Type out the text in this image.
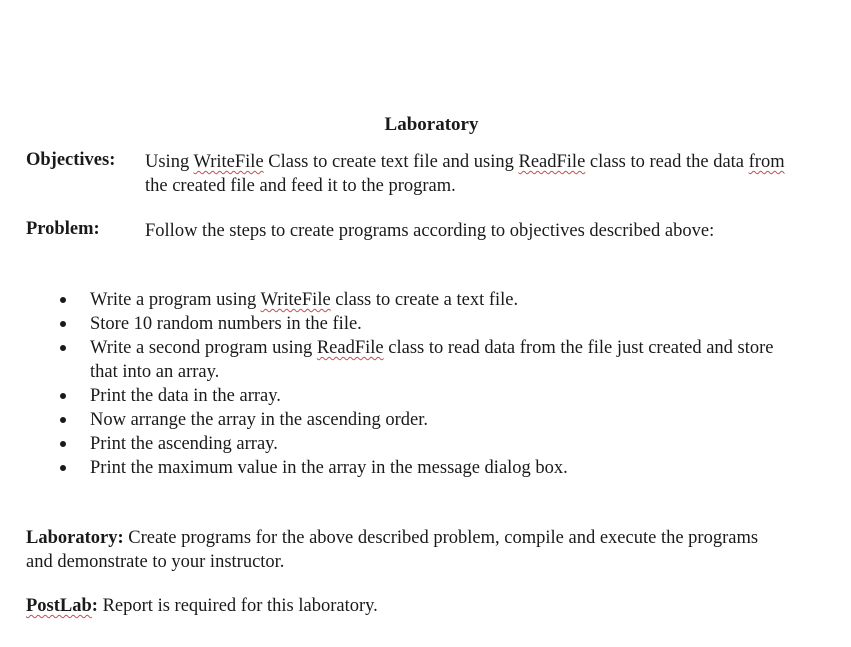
Laboratory
Objectives: Using WriteFile Class to create text file and using ReadFile class to read the data from the created file and feed it to the program.
Problem: Follow the steps to create programs according to objectives described above:
Write a program using WriteFile class to create a text file.
Store 10 random numbers in the file.
Write a second program using ReadFile class to read data from the file just created and store that into an array.
Print the data in the array.
Now arrange the array in the ascending order.
Print the ascending array.
Print the maximum value in the array in the message dialog box.
Laboratory: Create programs for the above described problem, compile and execute the programs and demonstrate to your instructor.
PostLab: Report is required for this laboratory.
